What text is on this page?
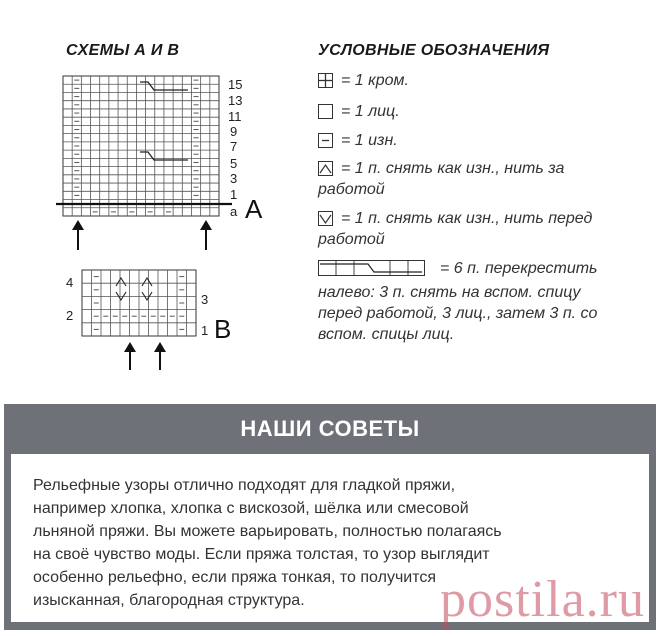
СХЕМЫ А И В	УСЛОВНЫЕ ОБОЗНАЧЕНИЯ
15
13
11
9
7
5
3
1
а А
4
2
3
1 В
= 1 кром.
= 1 лиц.
= 1 изн.
= 1 п. снять как изн., нить за
работой
= 1 п. снять как изн., нить перед
работой
= 6 п. перекрестить
налево: 3 п. снять на вспом. спицу
перед работой, 3 лиц., затем 3 п. со
вспом. спицы лиц.
НАШИ СОВЕТЫ
Рельефные узоры отлично подходят для гладкой пряжи,
например хлопка, хлопка с вискозой, шёлка или смесовой
льняной пряжи. Вы можете варьировать, полностью полагаясь
на своё чувство моды. Если пряжа толстая, то узор выглядит
особенно рельефно, если пряжа тонкая, то получится
изысканная, благородная структура.	postila.ru
